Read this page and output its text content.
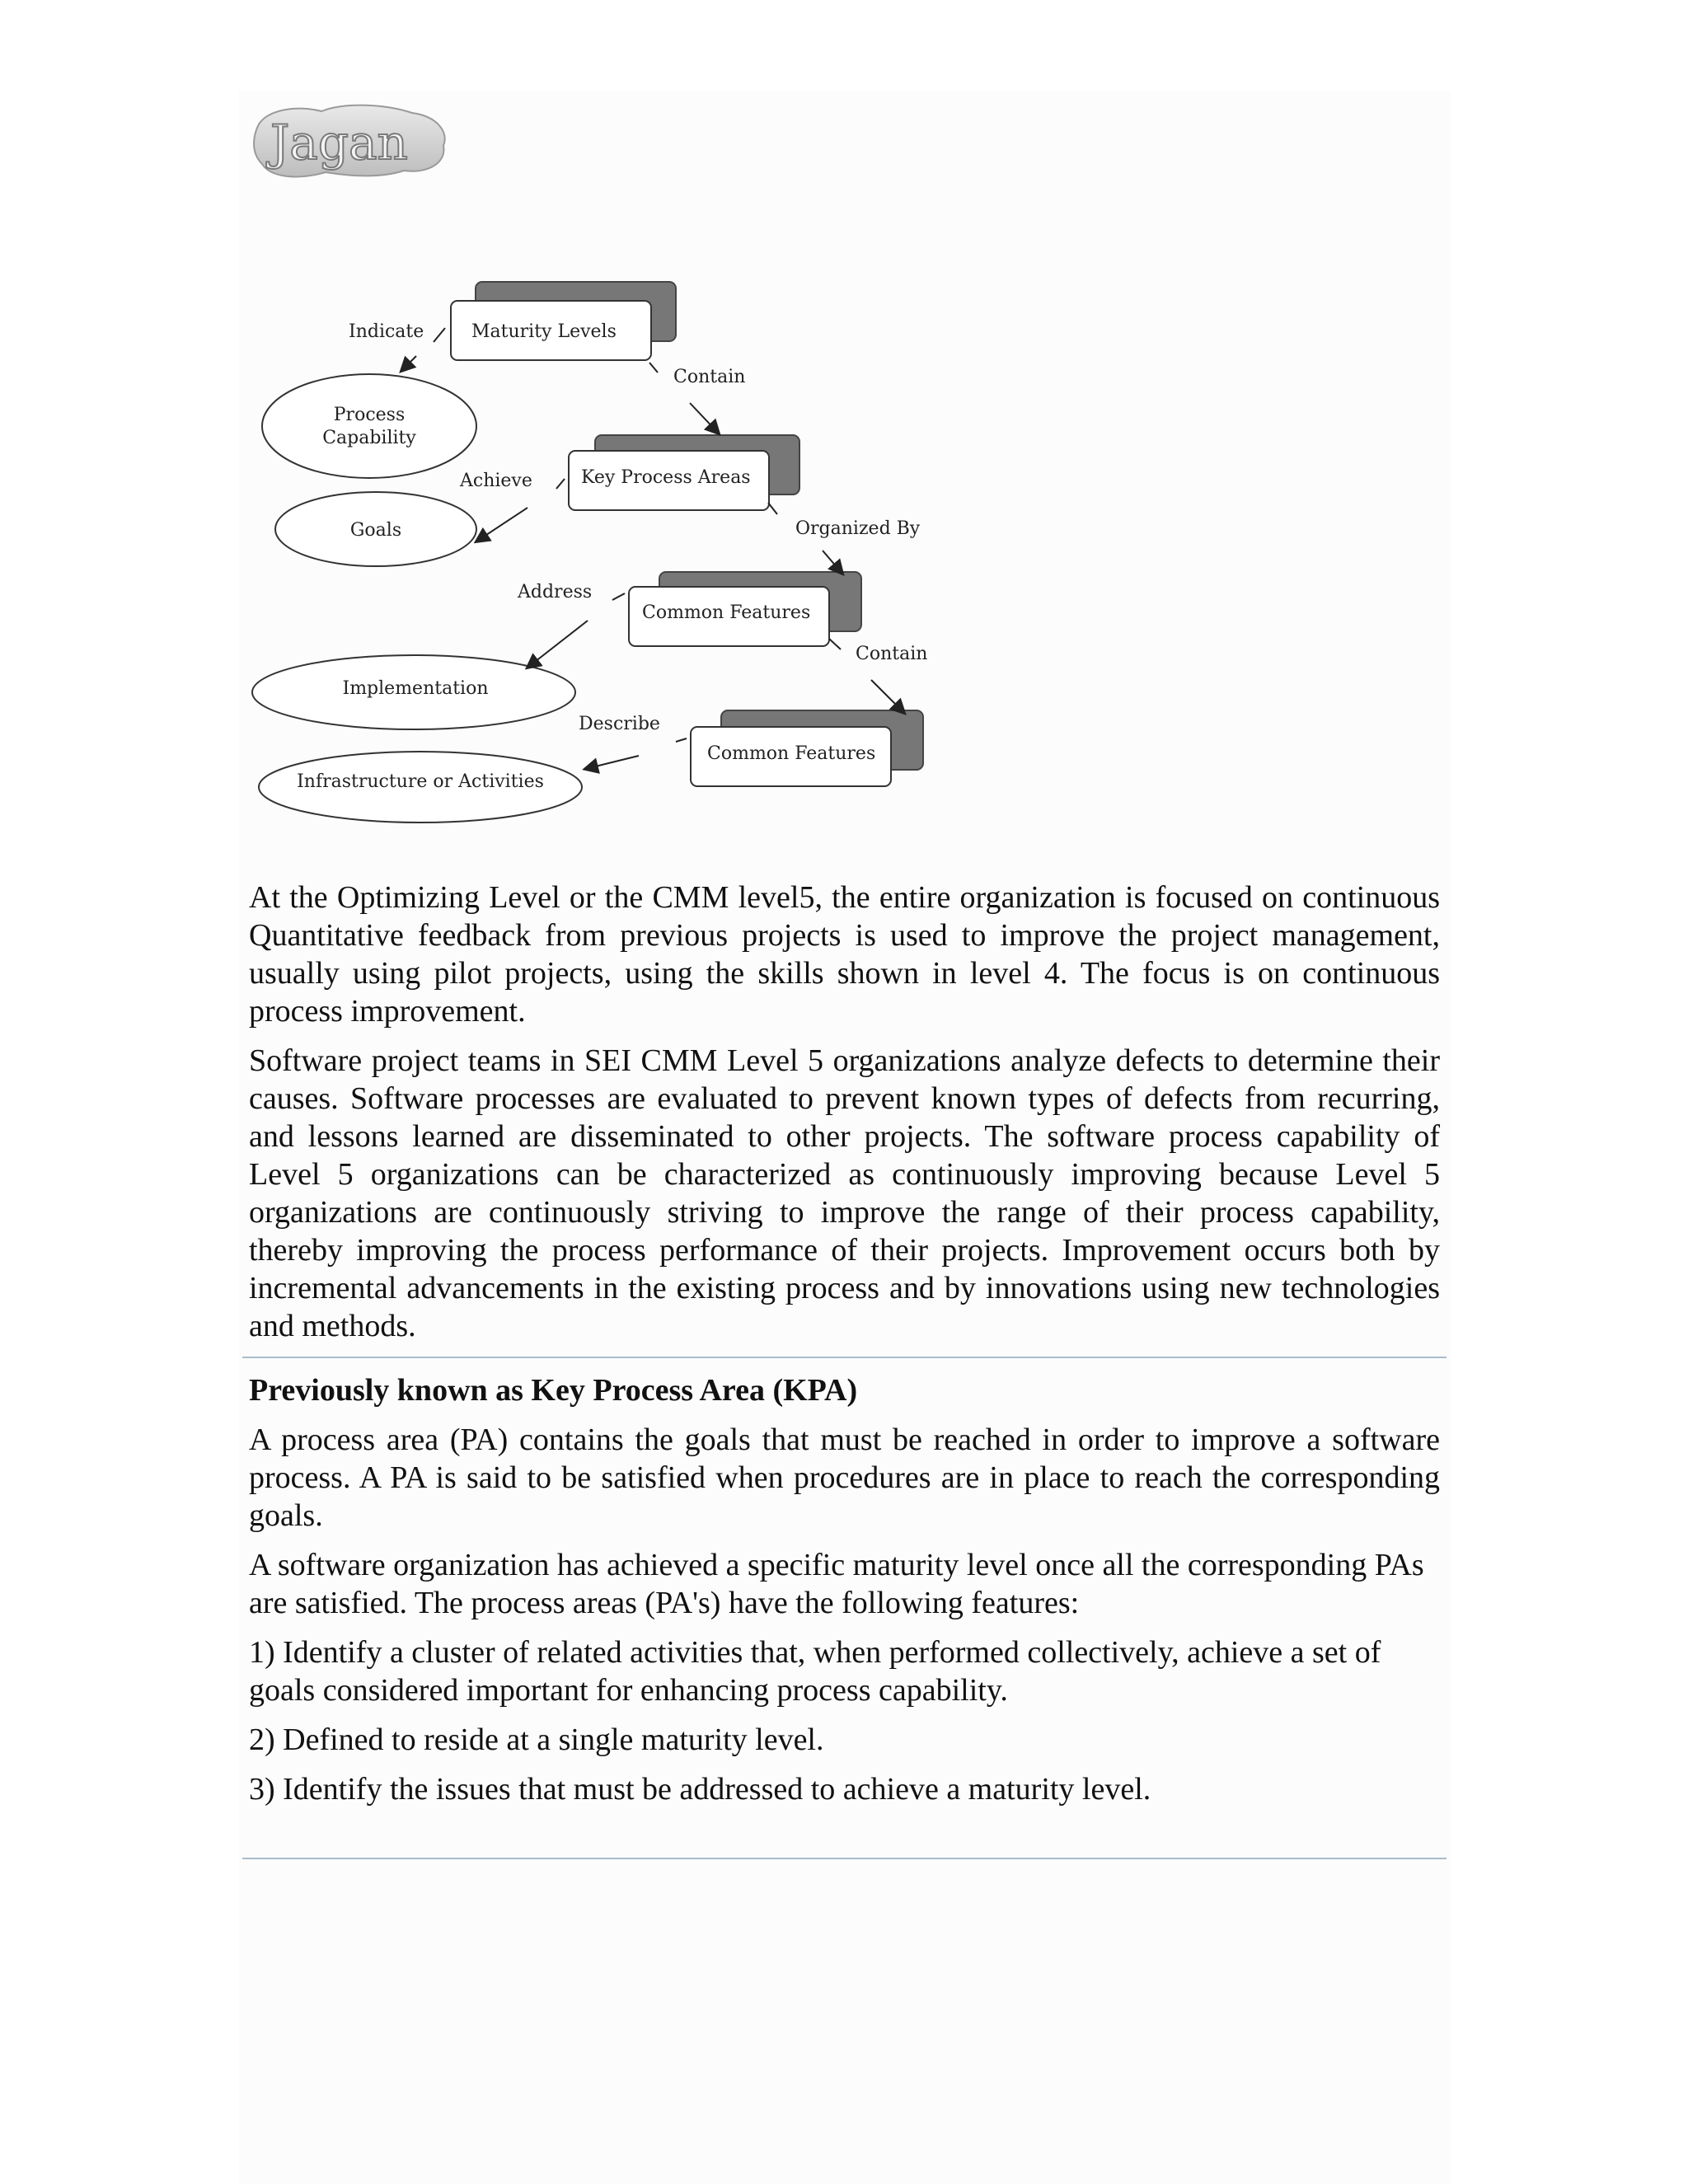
Jagan
Maturity Levels
Key Process Areas
Common Features
Common Features
Process
Capability
Goals
Implementation
Infrastructure or Activities
Indicate
Contain
Achieve
Organized By
Address
Contain
Describe

At the Optimizing Level or the CMM level5, the entire organization is focused on continuous Quantitative feedback from previous projects is used to improve the project management, usually using pilot projects, using the skills shown in level 4. The focus is on continuous process improvement.

Software project teams in SEI CMM Level 5 organizations analyze defects to determine their causes. Software processes are evaluated to prevent known types of defects from recurring, and lessons learned are disseminated to other projects. The software process capability of Level 5 organizations can be characterized as continuously improving because Level 5 organizations are continuously striving to improve the range of their process capability, thereby improving the process performance of their projects. Improvement occurs both by incremental advancements in the existing process and by innovations using new technologies and methods.

Previously known as Key Process Area (KPA)

A process area (PA) contains the goals that must be reached in order to improve a software process. A PA is said to be satisfied when procedures are in place to reach the corresponding goals.

A software organization has achieved a specific maturity level once all the corresponding PAs are satisfied. The process areas (PA's) have the following features:

1) Identify a cluster of related activities that, when performed collectively, achieve a set of goals considered important for enhancing process capability.

2) Defined to reside at a single maturity level.

3) Identify the issues that must be addressed to achieve a maturity level.
